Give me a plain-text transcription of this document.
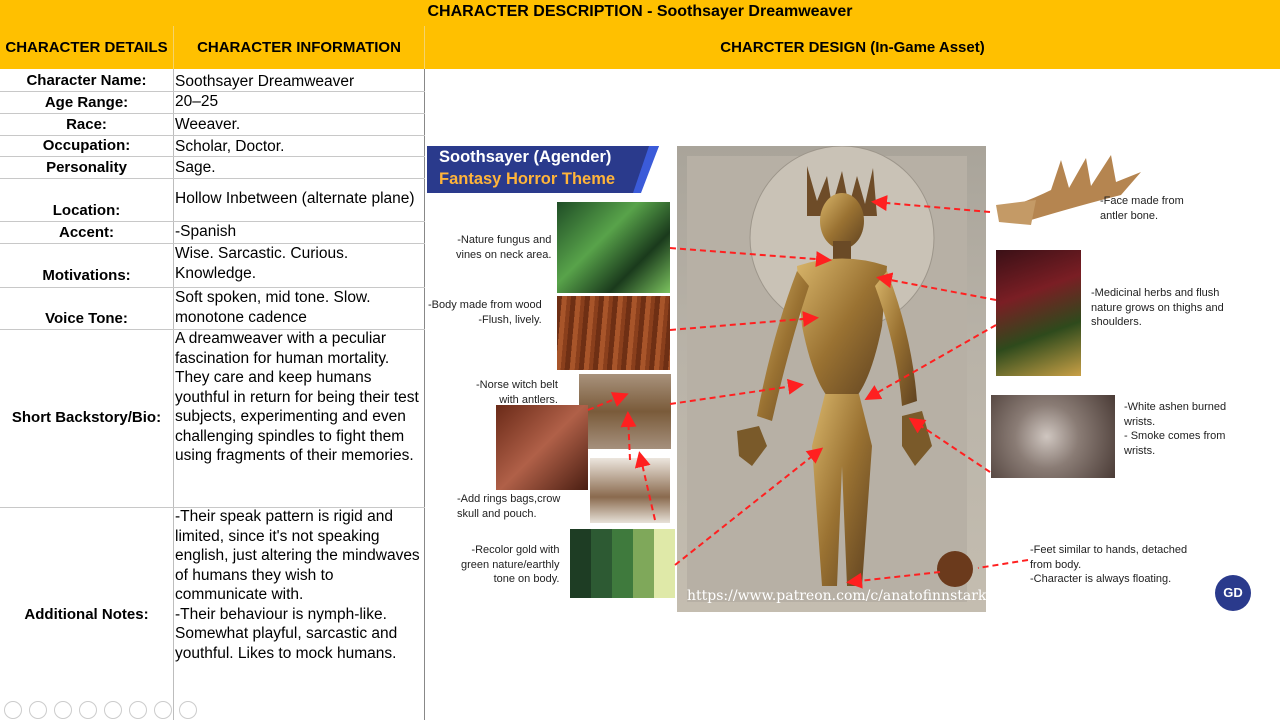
CHARACTER DESCRIPTION - Soothsayer Dreamweaver
CHARACTER DETAILS	CHARACTER INFORMATION	CHARCTER DESIGN (In-Game Asset)
Character Name:	Soothsayer Dreamweaver
Age Range:	20–25
Race:	Weeaver.
Occupation:	Scholar, Doctor.
Personality	Sage.
Location:
Hollow Inbetween (alternate plane)
Accent:	-Spanish
Motivations:
Wise. Sarcastic. Curious. Knowledge.
Voice Tone:
Soft spoken, mid tone. Slow. monotone cadence
Short Backstory/Bio:
A dreamweaver with a peculiar fascination for human mortality. They care and keep humans youthful in return for being their test subjects, experimenting and even challenging spindles to fight them using fragments of their memories.
Additional Notes:
-Their speak pattern is rigid and limited, since it's not speaking english, just altering the mindwaves of humans they wish to communicate with.
-Their behaviour is nymph-like. Somewhat playful, sarcastic and youthful. Likes to mock humans.
Soothsayer (Agender)
Fantasy Horror Theme
https://www.patreon.com/c/anatofinnstark
-Nature fungus and
vines on neck area.
-Body made from wood
-Flush, lively.
-Norse witch belt
with antlers.
-Add rings bags,crow
skull and pouch.
-Recolor gold with
green nature/earthly
tone on body.
-Face made from
antler bone.
-Medicinal herbs and flush
nature grows on thighs and
shoulders.
-White ashen burned
wrists.
- Smoke comes from
wrists.
-Feet similar to hands, detached
from body.
-Character is always floating.
GD
